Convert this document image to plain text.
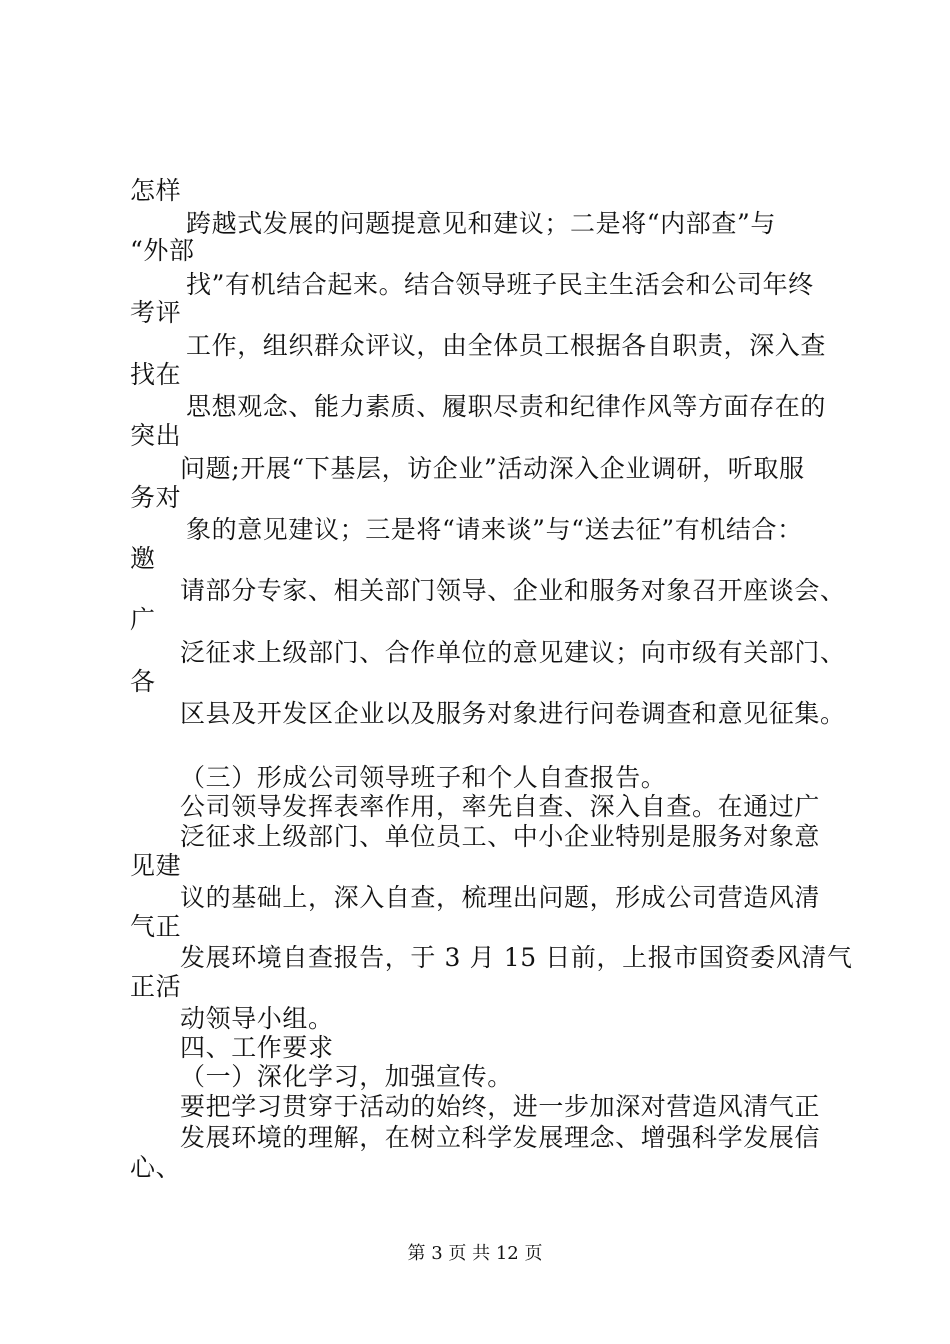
怎样
跨越式发展的问题提意见和建议；二是将“内部查”与
“外部
找”有机结合起来。结合领导班子民主生活会和公司年终
考评
工作，组织群众评议，由全体员工根据各自职责，深入查
找在
思想观念、能力素质、履职尽责和纪律作风等方面存在的
突出
问题;开展“下基层，访企业”活动深入企业调研，听取服
务对
象的意见建议；三是将“请来谈”与“送去征”有机结合：
邀
请部分专家、相关部门领导、企业和服务对象召开座谈会、
广
泛征求上级部门、合作单位的意见建议；向市级有关部门、
各
区县及开发区企业以及服务对象进行问卷调查和意见征集。
（三）形成公司领导班子和个人自查报告。
公司领导发挥表率作用，率先自查、深入自查。在通过广
泛征求上级部门、单位员工、中小企业特别是服务对象意
见建
议的基础上，深入自查，梳理出问题，形成公司营造风清
气正
发展环境自查报告，于 3 月 15 日前，上报市国资委风清气
正活
动领导小组。
四、工作要求
（一）深化学习，加强宣传。
要把学习贯穿于活动的始终，进一步加深对营造风清气正
发展环境的理解，在树立科学发展理念、增强科学发展信
心、
第 3 页 共 12 页
